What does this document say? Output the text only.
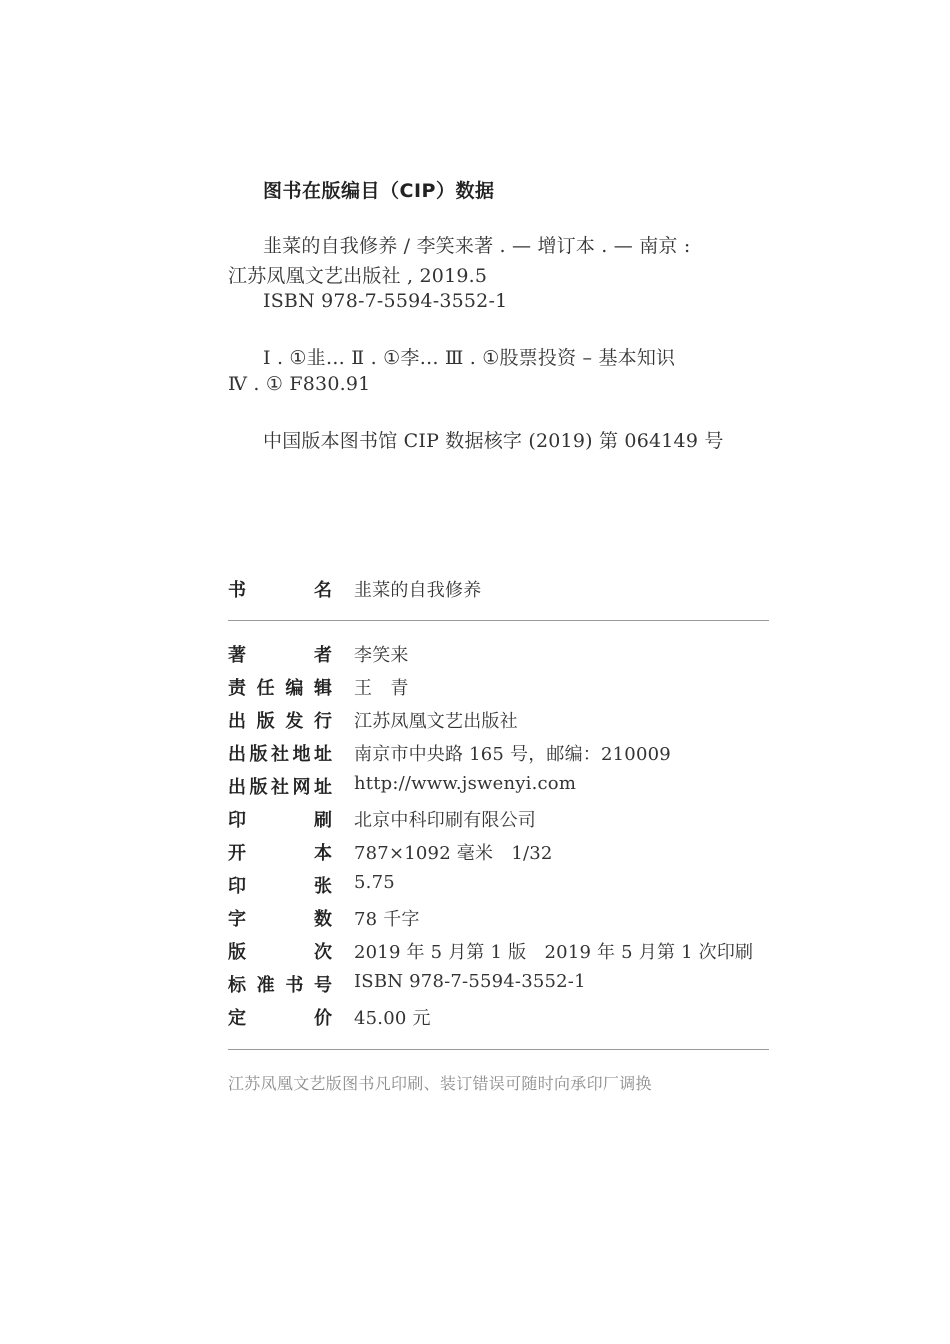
图书在版编目（CIP）数据
韭菜的自我修养 / 李笑来著 . — 增订本 . — 南京 :
江苏凤凰文艺出版社 , 2019.5
ISBN 978-7-5594-3552-1
Ⅰ . ①韭… Ⅱ . ①李… Ⅲ . ①股票投资 – 基本知识
Ⅳ . ① F830.91
中国版本图书馆 CIP 数据核字 (2019) 第 064149 号
书	名 韭菜的自我修养
著	者 李笑来
责 任 编 辑 王　青
出 版 发 行 江苏凤凰文艺出版社
出 版 社 地 址 南京市中央路 165 号，邮编：210009
出 版 社 网 址 http://www.jswenyi.com
印	刷 北京中科印刷有限公司
开	本 787×1092 毫米　1/32
印	张 5.75
字	数 78 千字
版	次 2019 年 5 月第 1 版　2019 年 5 月第 1 次印刷
标 准 书 号 ISBN 978-7-5594-3552-1
定	价 45.00 元
江苏凤凰文艺版图书凡印刷、装订错误可随时向承印厂调换
